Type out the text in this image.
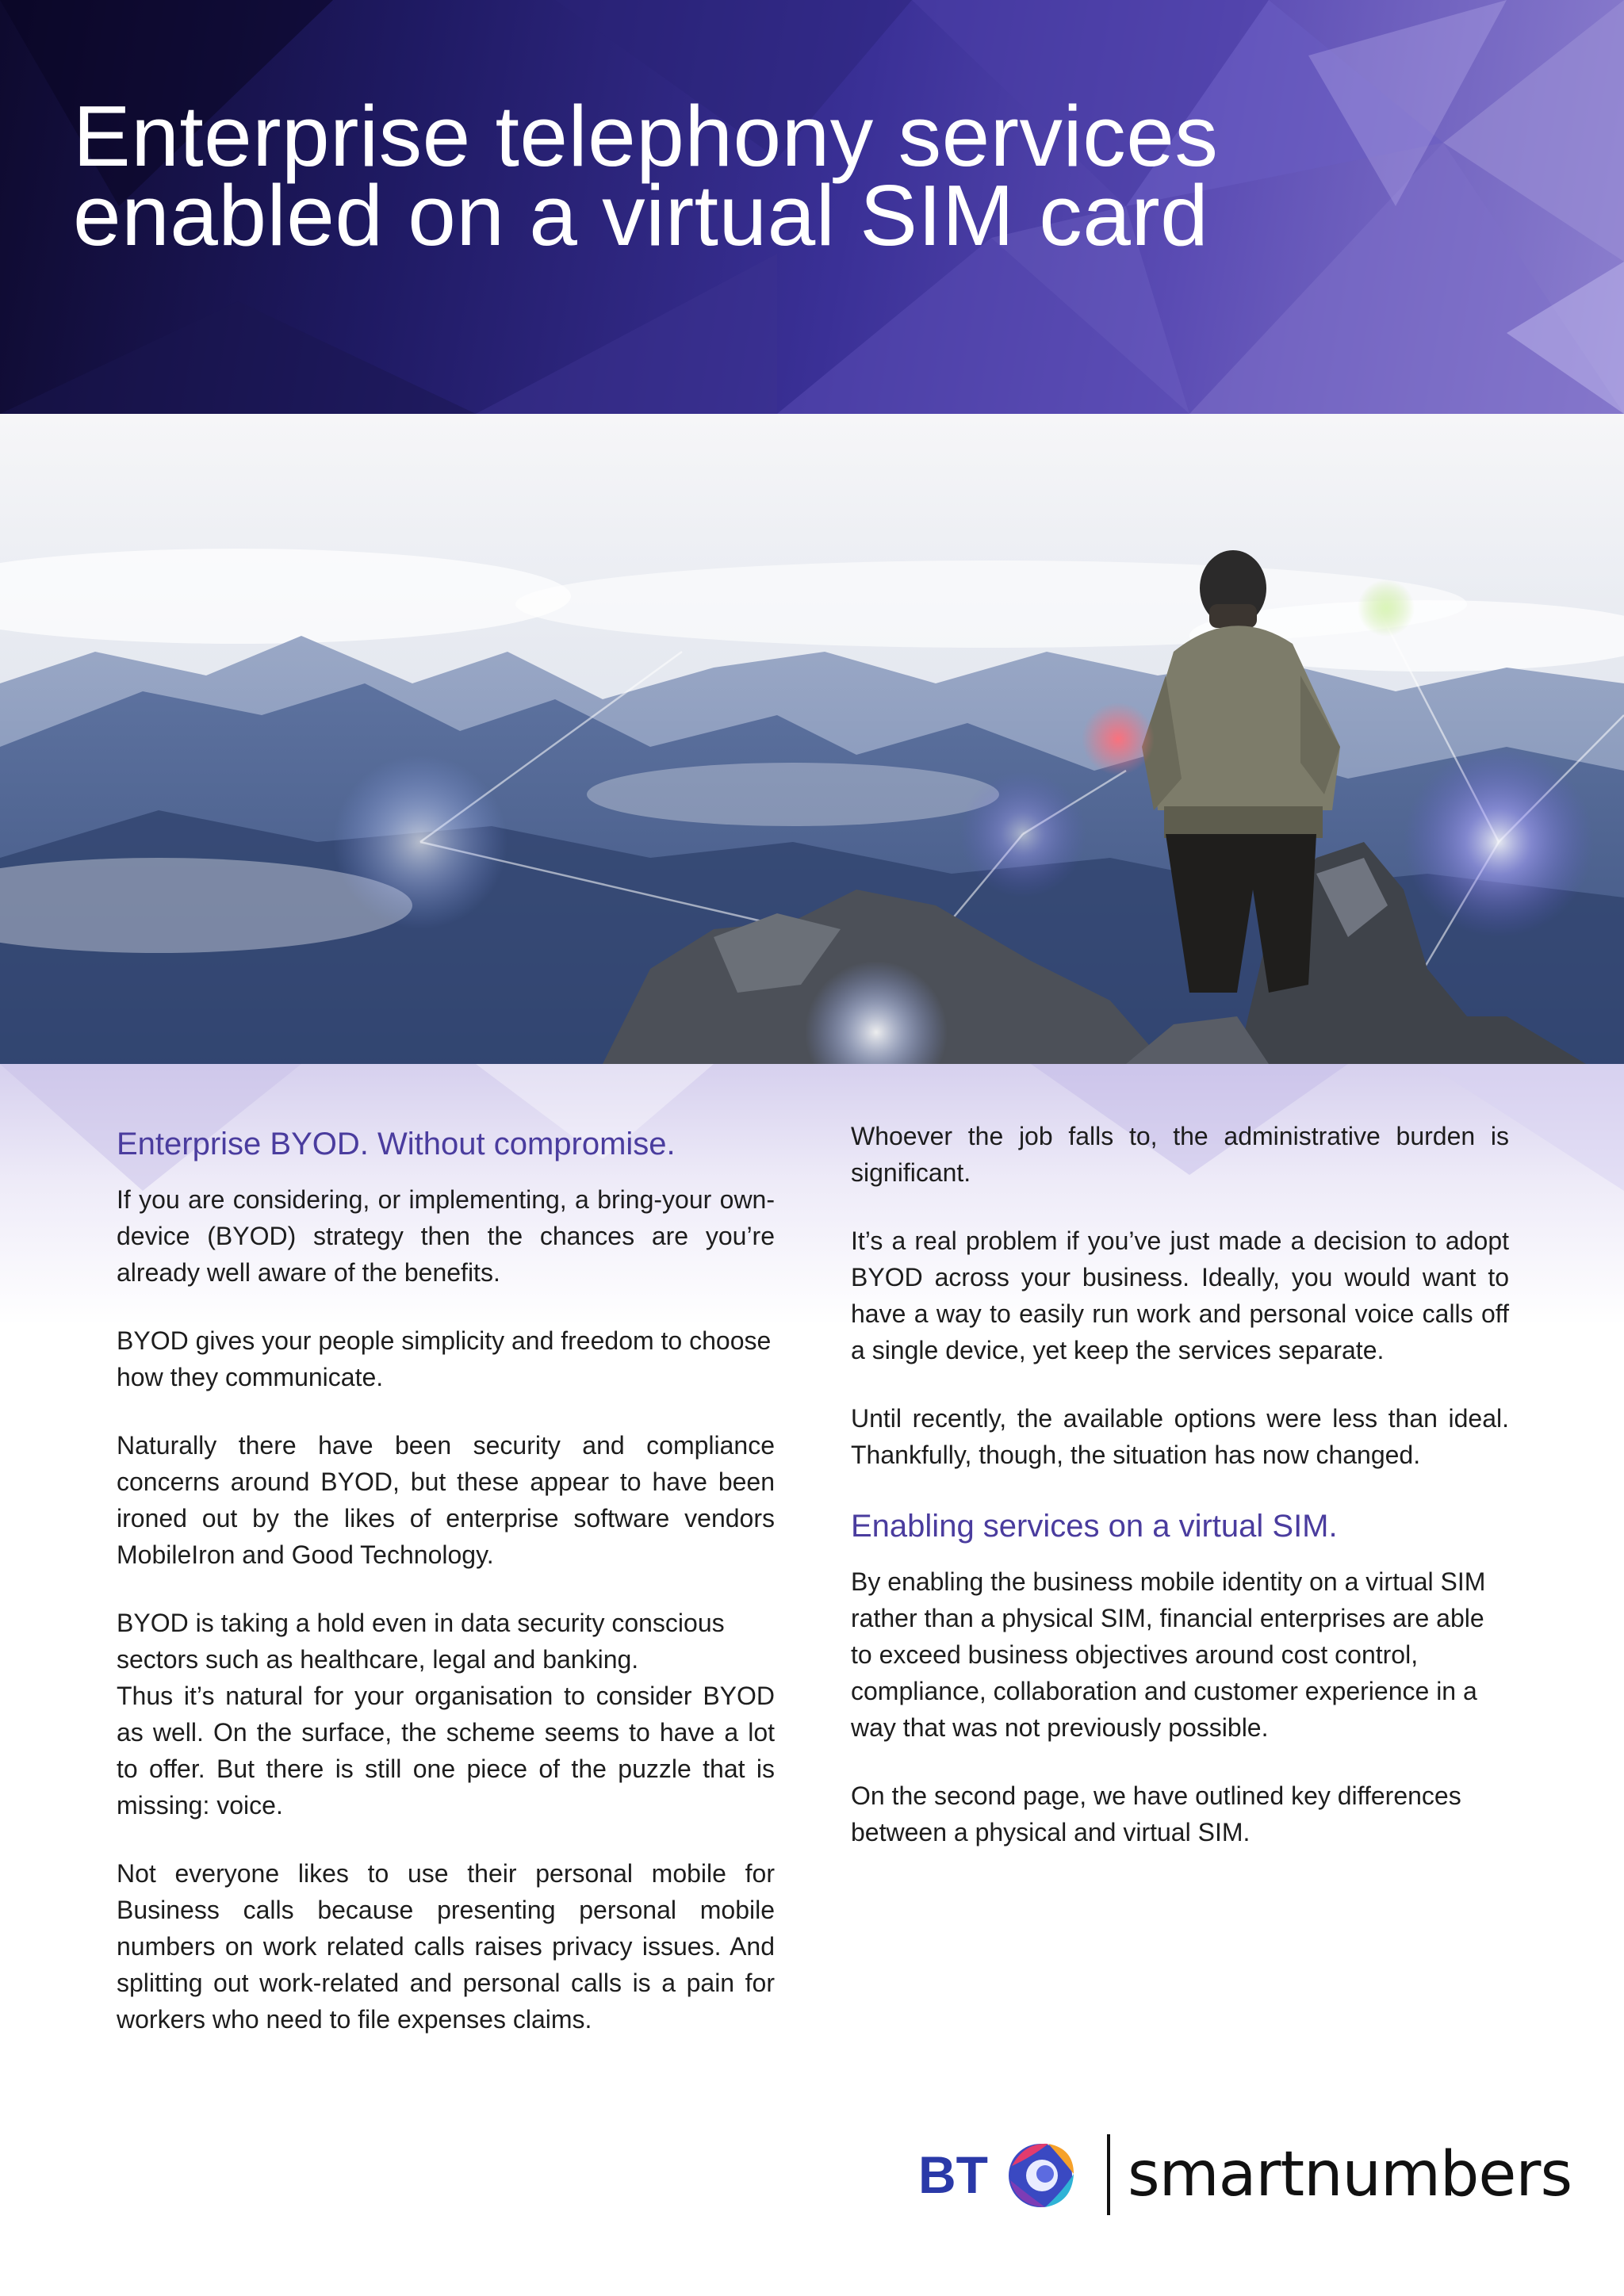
Enterprise telephony services
enabled on a virtual SIM card
Enterprise BYOD. Without compromise.

If you are considering, or implementing, a bring-your own-device (BYOD) strategy then the chances are you’re already well aware of the benefits.

BYOD gives your people simplicity and freedom to choose how they communicate.

Naturally there have been security and compliance concerns around BYOD, but these appear to have been ironed out by the likes of enterprise software vendors MobileIron and Good Technology.

BYOD is taking a hold even in data security conscious sectors such as healthcare, legal and banking.

Thus it’s natural for your organisation to consider BYOD as well. On the surface, the scheme seems to have a lot to offer. But there is still one piece of the puzzle that is missing: voice.

Not everyone likes to use their personal mobile for Business calls because presenting personal mobile numbers on work related calls raises privacy issues. And splitting out work-related and personal calls is a pain for workers who need to file expenses claims.

Whoever the job falls to, the administrative burden is significant.

It’s a real problem if you’ve just made a decision to adopt BYOD across your business. Ideally, you would want to have a way to easily run work and personal voice calls off a single device, yet keep the services separate.

Until recently, the available options were less than ideal. Thankfully, though, the situation has now changed.

Enabling services on a virtual SIM.

By enabling the business mobile identity on a virtual SIM rather than a physical SIM, financial enterprises are able to exceed business objectives around cost control, compliance, collaboration and customer experience in a way that was not previously possible.

On the second page, we have outlined key differences between a physical and virtual SIM.

BT smartnumbers
